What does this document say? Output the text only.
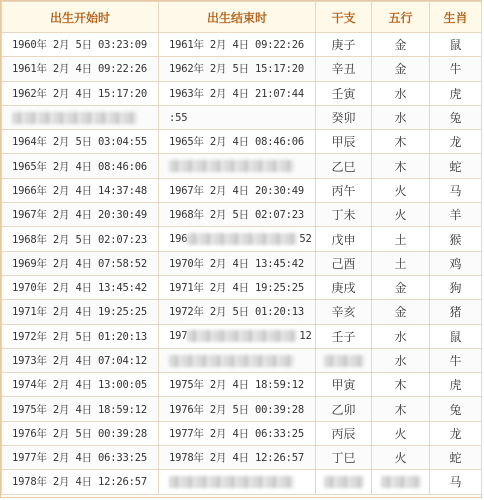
出生开始时	出生结束时	干支	五行	生肖
1960年 2月 5日 03:23:09	1961年 2月 4日 09:22:26	庚子	金	鼠
1961年 2月 4日 09:22:26	1962年 2月 5日 15:17:20	辛丑	金	牛
1962年 2月 4日 15:17:20	1963年 2月 4日 21:07:44	壬寅	水	虎
	:55	癸卯	水	兔
1964年 2月 5日 03:04:55	1965年 2月 4日 08:46:06	甲辰	木	龙
1965年 2月 4日 08:46:06		乙巳	木	蛇
1966年 2月 4日 14:37:48	1967年 2月 4日 20:30:49	丙午	火	马
1967年 2月 4日 20:30:49	1968年 2月 5日 02:07:23	丁未	火	羊
1968年 2月 5日 02:07:23	196 52	戊申	土	猴
1969年 2月 4日 07:58:52	1970年 2月 4日 13:45:42	己酉	土	鸡
1970年 2月 4日 13:45:42	1971年 2月 4日 19:25:25	庚戌	金	狗
1971年 2月 4日 19:25:25	1972年 2月 5日 01:20:13	辛亥	金	猪
1972年 2月 5日 01:20:13	197 12	壬子	水	鼠
1973年 2月 4日 07:04:12			水	牛
1974年 2月 4日 13:00:05	1975年 2月 4日 18:59:12	甲寅	木	虎
1975年 2月 4日 18:59:12	1976年 2月 5日 00:39:28	乙卯	木	兔
1976年 2月 5日 00:39:28	1977年 2月 4日 06:33:25	丙辰	火	龙
1977年 2月 4日 06:33:25	1978年 2月 4日 12:26:57	丁巳	火	蛇
1978年 2月 4日 12:26:57				马
